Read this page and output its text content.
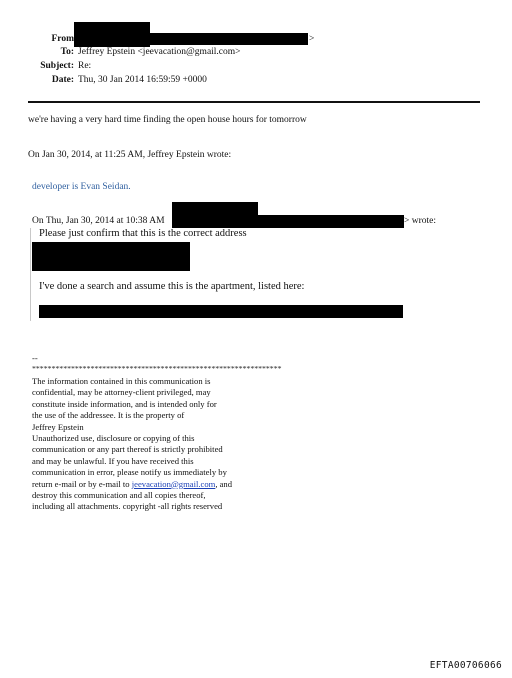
From	>
To: Jeffrey Epstein <jeevacation@gmail.com>
Subject: Re:
Date: Thu, 30 Jan 2014 16:59:59 +0000
we're having a very hard time finding the open house hours for tomorrow
On Jan 30, 2014, at 11:25 AM, Jeffrey Epstein wrote:
developer is Evan Seidan.
On Thu, Jan 30, 2014 at 10:38 AM	> wrote:
Please just confirm that this is the correct address
I've done a search and assume this is the apartment, listed here:
--
****************************************************************
The information contained in this communication is
confidential, may be attorney-client privileged, may
constitute inside information, and is intended only for
the use of the addressee. It is the property of
Jeffrey Epstein
Unauthorized use, disclosure or copying of this
communication or any part thereof is strictly prohibited
and may be unlawful. If you have received this
communication in error, please notify us immediately by
return e-mail or by e-mail to jeevacation@gmail.com, and
destroy this communication and all copies thereof,
including all attachments. copyright -all rights reserved
EFTA00706066
